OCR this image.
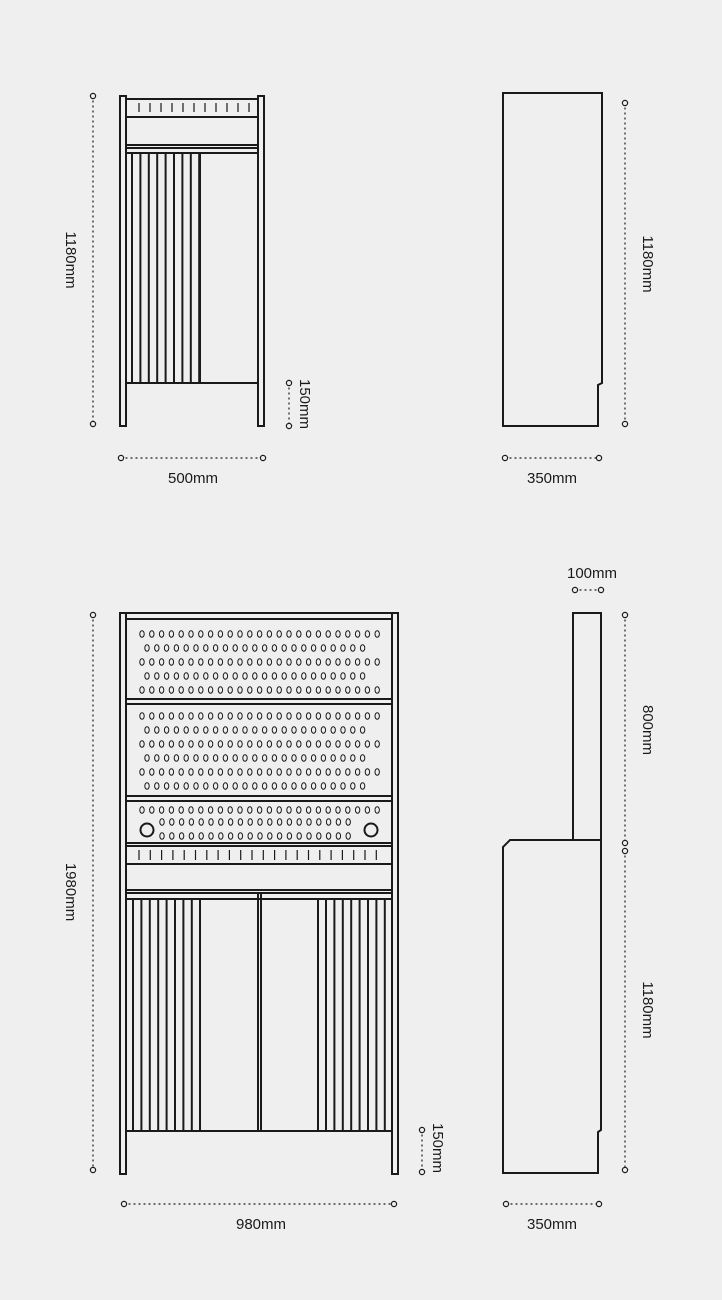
1180mm
150mm
500mm
1180mm
350mm
1980mm
150mm
980mm
100mm
800mm
1180mm
350mm
